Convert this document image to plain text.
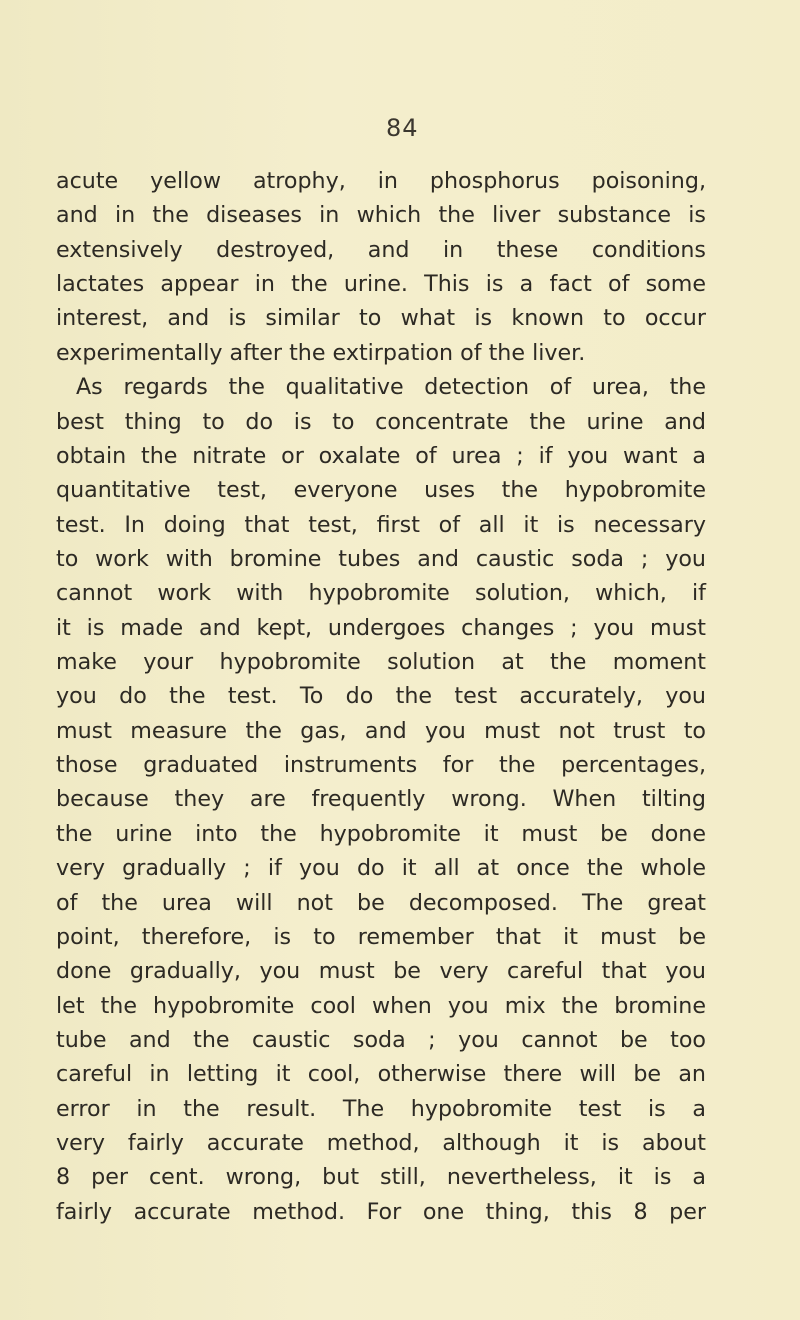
84
acute yellow atrophy, in phosphorus poisoning,
and in the diseases in which the liver substance is
extensively destroyed, and in these conditions
lactates appear in the urine. This is a fact of some
interest, and is similar to what is known to occur
experimentally after the extirpation of the liver.
As regards the qualitative detection of urea, the
best thing to do is to concentrate the urine and
obtain the nitrate or oxalate of urea ; if you want a
quantitative test, everyone uses the hypobromite
test. In doing that test, first of all it is necessary
to work with bromine tubes and caustic soda ; you
cannot work with hypobromite solution, which, if
it is made and kept, undergoes changes ; you must
make your hypobromite solution at the moment
you do the test. To do the test accurately, you
must measure the gas, and you must not trust to
those graduated instruments for the percentages,
because they are frequently wrong. When tilting
the urine into the hypobromite it must be done
very gradually ; if you do it all at once the whole
of the urea will not be decomposed. The great
point, therefore, is to remember that it must be
done gradually, you must be very careful that you
let the hypobromite cool when you mix the bromine
tube and the caustic soda ; you cannot be too
careful in letting it cool, otherwise there will be an
error in the result. The hypobromite test is a
very fairly accurate method, although it is about
8 per cent. wrong, but still, nevertheless, it is a
fairly accurate method. For one thing, this 8 per
